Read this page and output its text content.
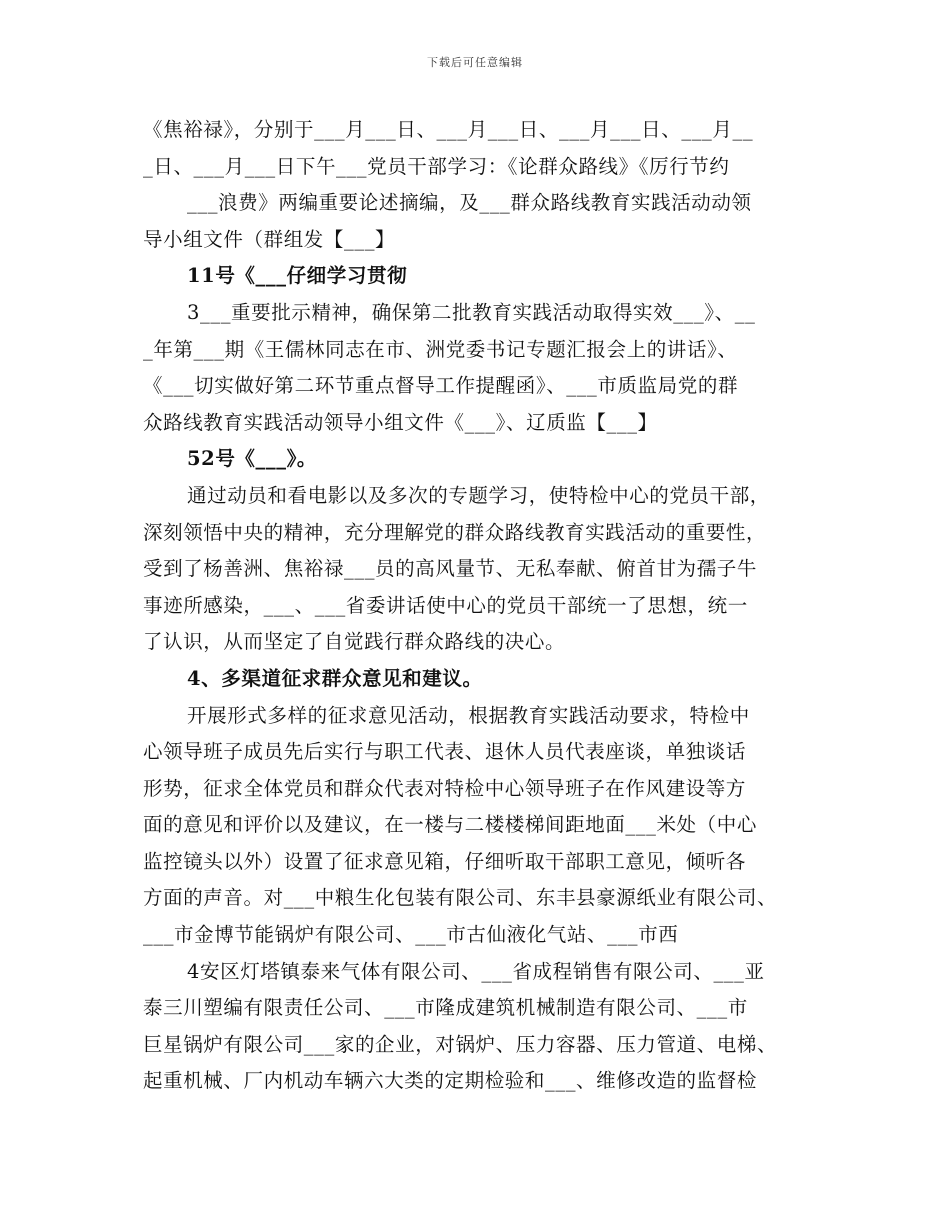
下载后可任意编辑
《焦裕禄》，分别于___月___日、___月___日、___月___日、___月__
_日、___月___日下午___党员干部学习：《论群众路线》《厉行节约
___浪费》两编重要论述摘编，及___群众路线教育实践活动动领
导小组文件（群组发【___】
11号《___仔细学习贯彻
3___重要批示精神，确保第二批教育实践活动取得实效___》、__
_年第___期《王儒林同志在市、洲党委书记专题汇报会上的讲话》、
《___切实做好第二环节重点督导工作提醒函》、___市质监局党的群
众路线教育实践活动领导小组文件《___》、辽质监【___】
52号《___》。
通过动员和看电影以及多次的专题学习，使特检中心的党员干部，
深刻领悟中央的精神，充分理解党的群众路线教育实践活动的重要性，
受到了杨善洲、焦裕禄___员的高风量节、无私奉献、俯首甘为孺子牛
事迹所感染，___、___省委讲话使中心的党员干部统一了思想，统一
了认识，从而坚定了自觉践行群众路线的决心。
4、多渠道征求群众意见和建议。
开展形式多样的征求意见活动，根据教育实践活动要求，特检中
心领导班子成员先后实行与职工代表、退休人员代表座谈，单独谈话
形势，征求全体党员和群众代表对特检中心领导班子在作风建设等方
面的意见和评价以及建议，在一楼与二楼楼梯间距地面___米处（中心
监控镜头以外）设置了征求意见箱，仔细听取干部职工意见，倾听各
方面的声音。对___中粮生化包装有限公司、东丰县豪源纸业有限公司、
___市金博节能锅炉有限公司、___市古仙液化气站、___市西
4安区灯塔镇泰来气体有限公司、___省成程销售有限公司、___亚
泰三川塑编有限责任公司、___市隆成建筑机械制造有限公司、___市
巨星锅炉有限公司___家的企业，对锅炉、压力容器、压力管道、电梯、
起重机械、厂内机动车辆六大类的定期检验和___、维修改造的监督检
